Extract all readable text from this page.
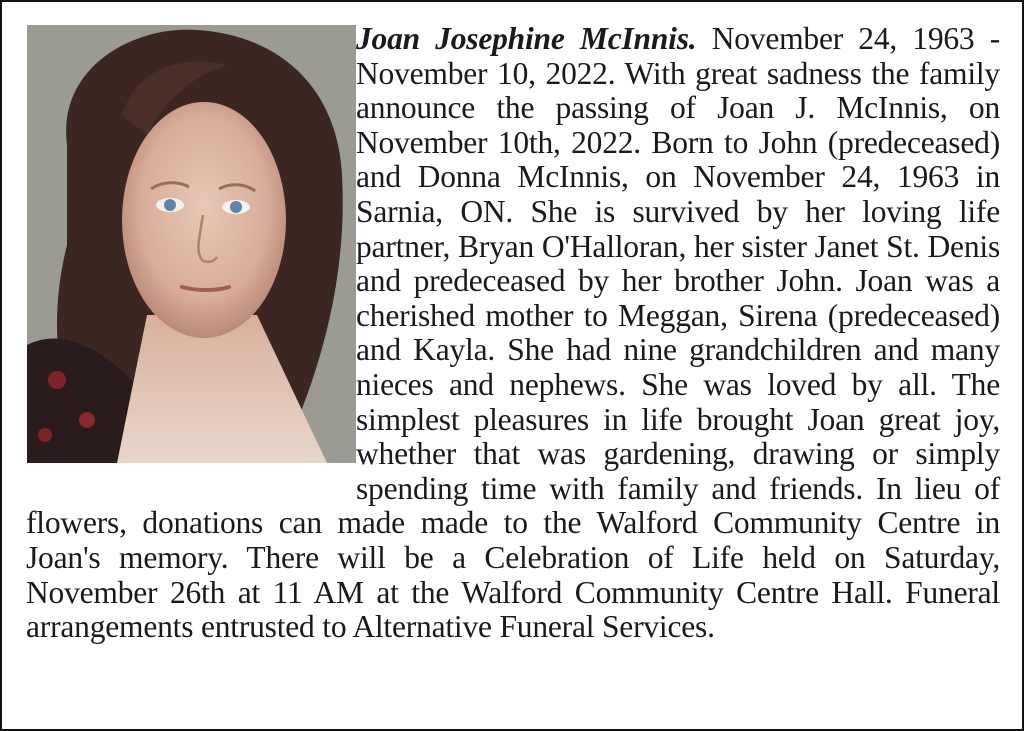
Joan Josephine McInnis. November 24, 1963 - November 10, 2022. With great sadness the family announce the passing of Joan J. McInnis, on November 10th, 2022. Born to John (predeceased) and Donna McInnis, on November 24, 1963 in Sarnia, ON. She is survived by her loving life partner, Bryan O'Halloran, her sister Janet St. Denis and predeceased by her brother John. Joan was a cherished mother to Meggan, Sirena (predeceased) and Kayla. She had nine grandchildren and many nieces and nephews. She was loved by all. The simplest pleasures in life brought Joan great joy, whether that was gardening, drawing or simply spending time with family and friends. In lieu of flowers, donations can made made to the Walford Community Centre in Joan's memory. There will be a Celebration of Life held on Saturday, November 26th at 11 AM at the Walford Community Centre Hall. Funeral arrangements entrusted to Alternative Funeral Services.
